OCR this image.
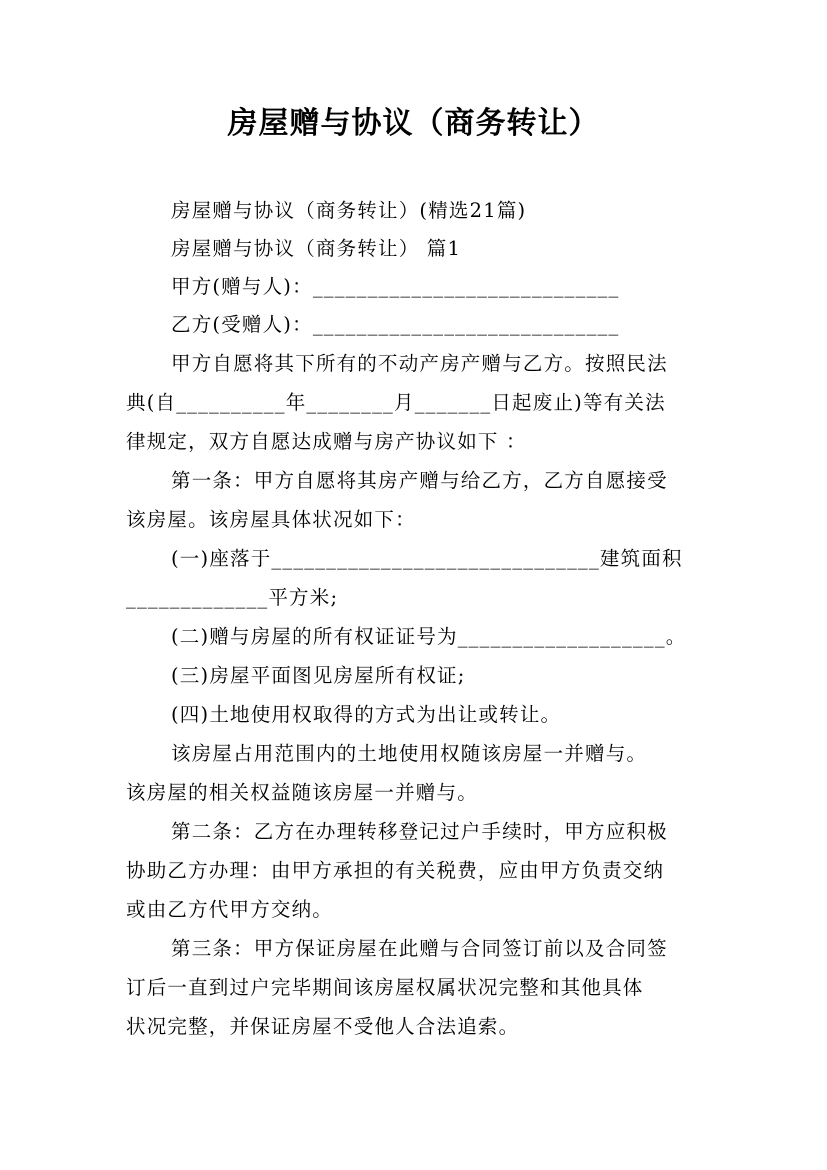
房屋赠与协议（商务转让）
房屋赠与协议（商务转让）(精选21篇)
房屋赠与协议（商务转让） 篇1
甲方(赠与人)：____________________________
乙方(受赠人)：____________________________
甲方自愿将其下所有的不动产房产赠与乙方。按照民法
典(自__________年________月_______日起废止)等有关法
律规定，双方自愿达成赠与房产协议如下 ：
第一条：甲方自愿将其房产赠与给乙方，乙方自愿接受
该房屋。该房屋具体状况如下：
(一)座落于______________________________建筑面积
_____________平方米;
(二)赠与房屋的所有权证证号为___________________。
(三)房屋平面图见房屋所有权证;
(四)土地使用权取得的方式为出让或转让。
该房屋占用范围内的土地使用权随该房屋一并赠与。
该房屋的相关权益随该房屋一并赠与。
第二条：乙方在办理转移登记过户手续时，甲方应积极
协助乙方办理：由甲方承担的有关税费，应由甲方负责交纳
或由乙方代甲方交纳。
第三条：甲方保证房屋在此赠与合同签订前以及合同签
订后一直到过户完毕期间该房屋权属状况完整和其他具体
状况完整，并保证房屋不受他人合法追索。
